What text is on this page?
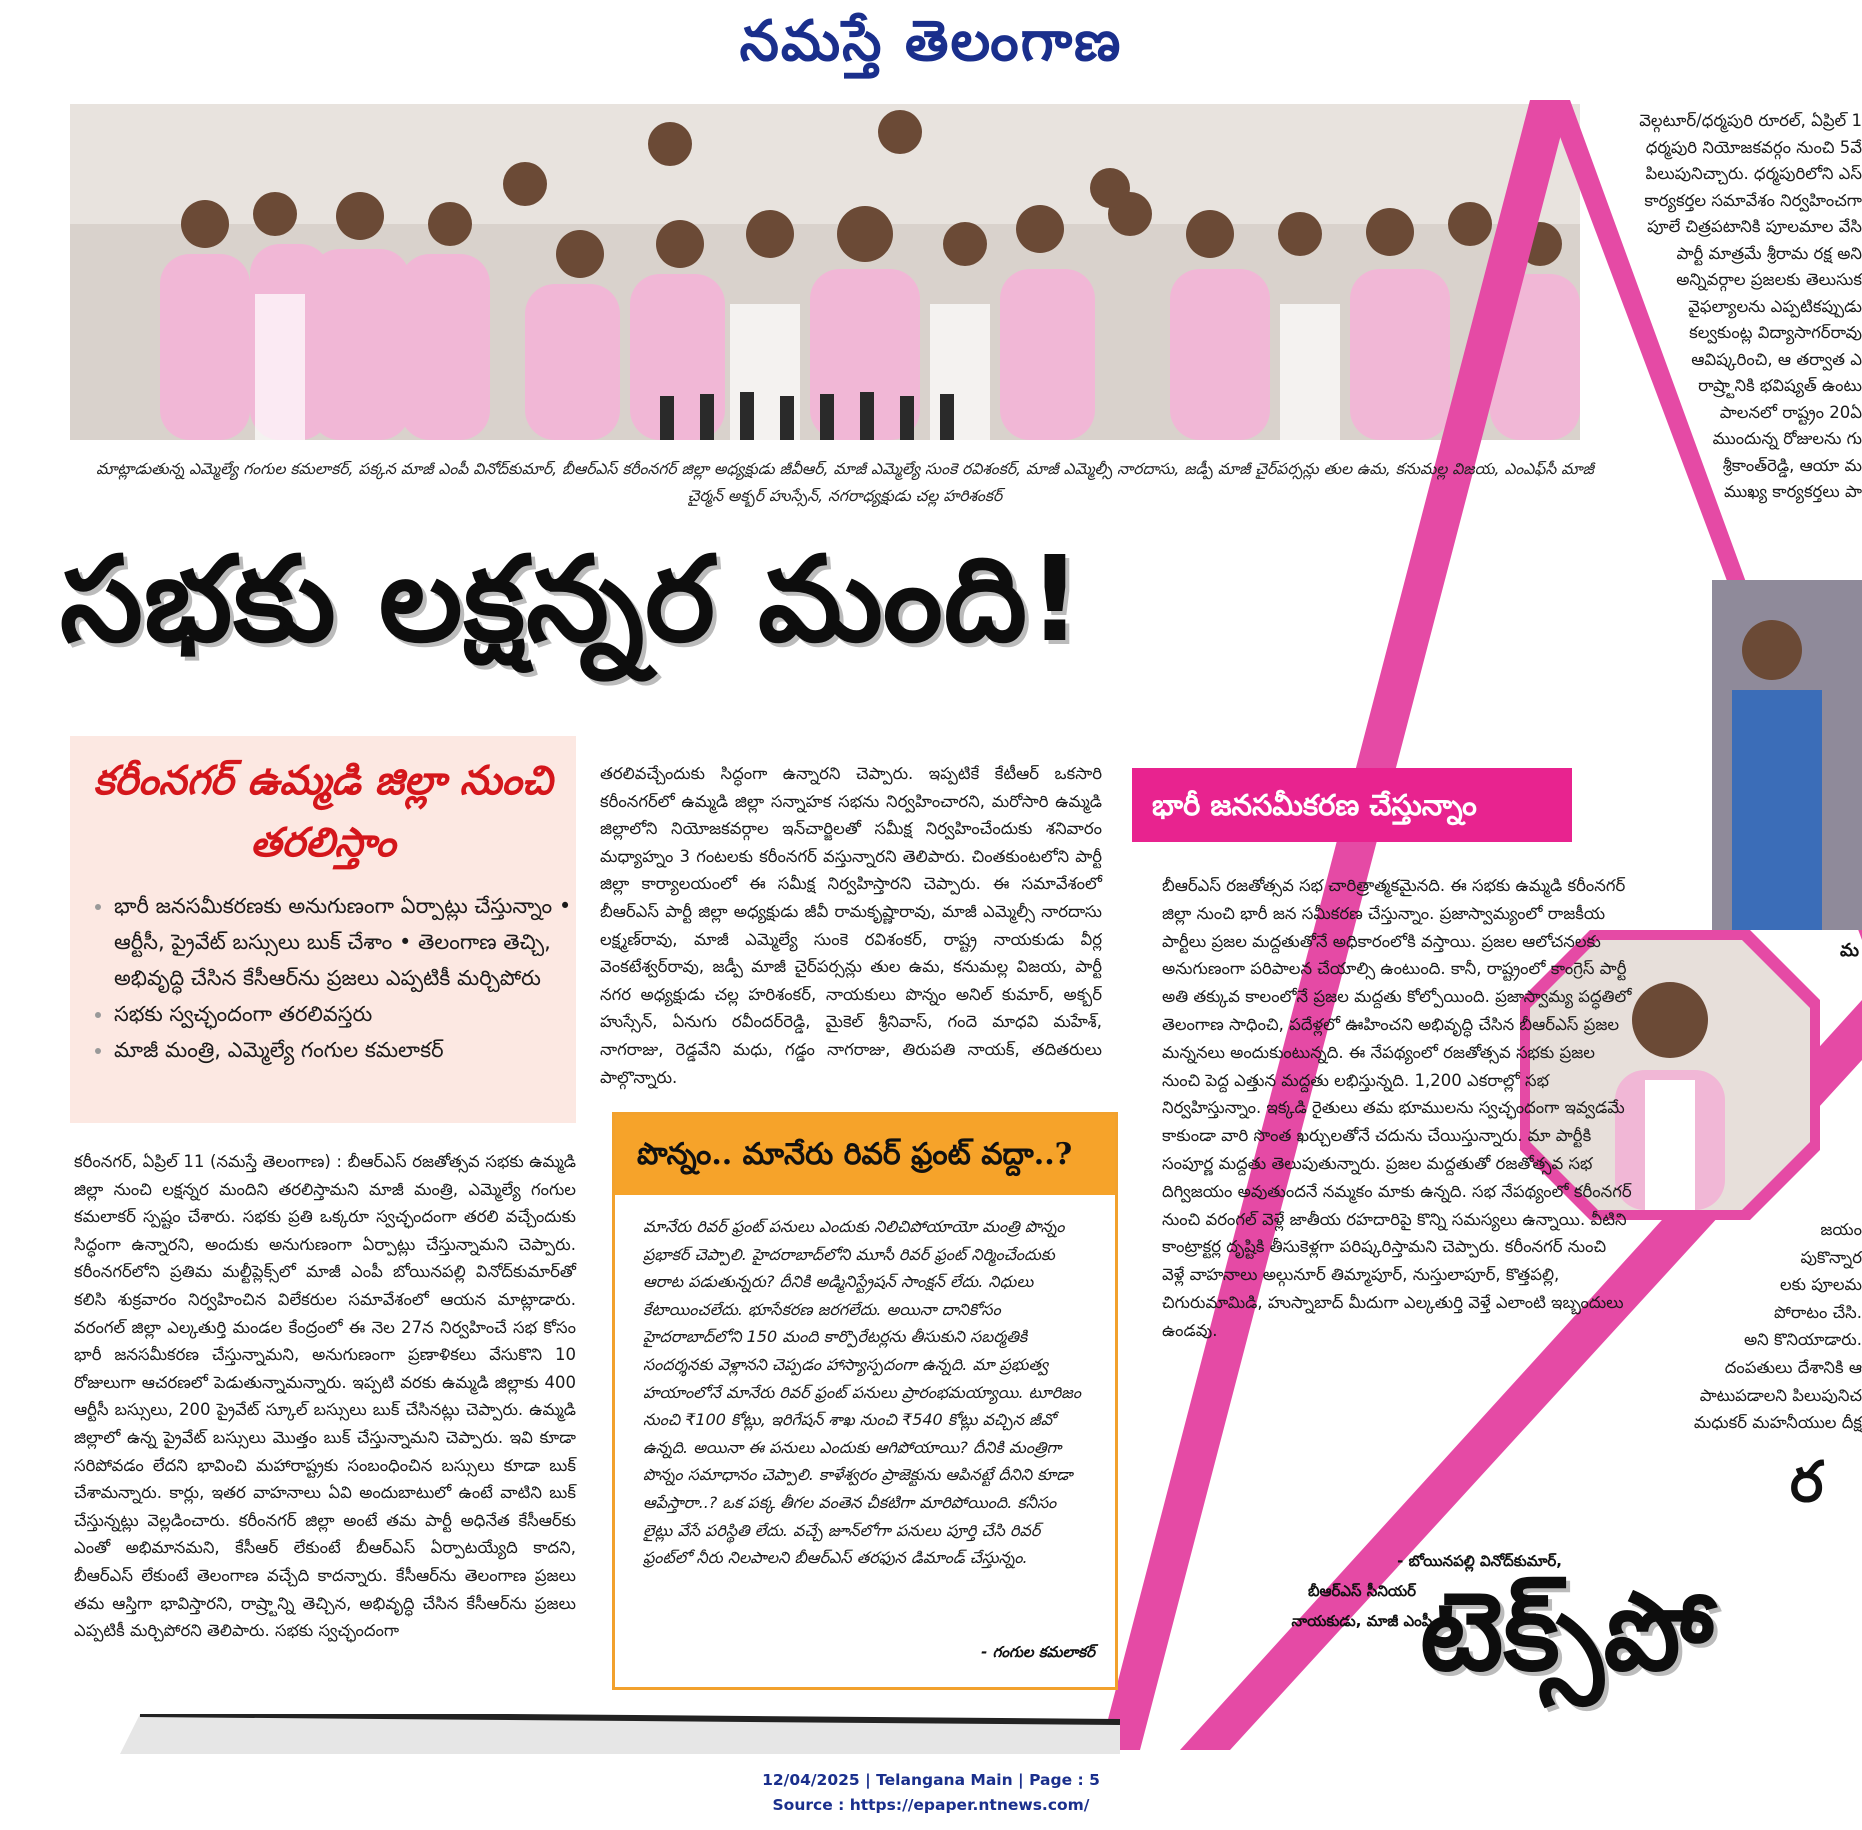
నమస్తే తెలంగాణ
మాట్లాడుతున్న ఎమ్మెల్యే గంగుల కమలాకర్, పక్కన మాజీ ఎంపీ వినోద్‌కుమార్, బీఆర్‌ఎస్ కరీంనగర్ జిల్లా అధ్యక్షుడు జీవీఆర్, మాజీ ఎమ్మెల్యే సుంకె రవిశంకర్, మాజీ ఎమ్మెల్సీ నారదాసు, జడ్పీ మాజీ చైర్‌పర్సన్లు తుల ఉమ, కనుమల్ల విజయ, ఎంఎఫ్‌సీ మాజీ చైర్మన్ అక్బర్ హుస్సేన్, నగరాధ్యక్షుడు చల్ల హరిశంకర్
సభకు లక్షన్నర మంది!
కరీంనగర్ ఉమ్మడి జిల్లా నుంచి తరలిస్తాం
• భారీ జనసమీకరణకు అనుగుణంగా ఏర్పాట్లు చేస్తున్నాం • ఆర్టీసీ, ప్రైవేట్ బస్సులు బుక్ చేశాం • తెలంగాణ తెచ్చి, అభివృద్ధి చేసిన కేసీఆర్‌ను ప్రజలు ఎప్పటికీ మర్చిపోరు
• సభకు స్వచ్ఛందంగా తరలివస్తరు
• మాజీ మంత్రి, ఎమ్మెల్యే గంగుల కమలాకర్
కరీంనగర్, ఏప్రిల్ 11 (నమస్తే తెలంగాణ) : బీఆర్‌ఎస్ రజతోత్సవ సభకు ఉమ్మడి జిల్లా నుంచి లక్షన్నర మందిని తరలిస్తామని మాజీ మంత్రి, ఎమ్మెల్యే గంగుల కమలాకర్ స్పష్టం చేశారు. సభకు ప్రతి ఒక్కరూ స్వచ్ఛందంగా తరలి వచ్చేందుకు సిద్ధంగా ఉన్నారని, అందుకు అనుగుణంగా ఏర్పాట్లు చేస్తున్నామని చెప్పారు. కరీంనగర్‌లోని ప్రతిమ మల్టీప్లెక్స్‌లో మాజీ ఎంపీ బోయినపల్లి వినోద్‌కుమార్‌తో కలిసి శుక్రవారం నిర్వహించిన విలేకరుల సమావేశంలో ఆయన మాట్లాడారు. వరంగల్ జిల్లా ఎల్కతుర్తి మండల కేంద్రంలో ఈ నెల 27న నిర్వహించే సభ కోసం భారీ జనసమీకరణ చేస్తున్నామని, అనుగుణంగా ప్రణాళికలు వేసుకొని 10 రోజులుగా ఆచరణలో పెడుతున్నామన్నారు. ఇప్పటి వరకు ఉమ్మడి జిల్లాకు 400 ఆర్టీసీ బస్సులు, 200 ప్రైవేట్ స్కూల్ బస్సులు బుక్ చేసినట్లు చెప్పారు. ఉమ్మడి జిల్లాలో ఉన్న ప్రైవేట్ బస్సులు మొత్తం బుక్ చేస్తున్నామని చెప్పారు. ఇవి కూడా సరిపోవడం లేదని భావించి మహారాష్ట్రకు సంబంధించిన బస్సులు కూడా బుక్ చేశామన్నారు. కార్లు, ఇతర వాహనాలు ఏవి అందుబాటులో ఉంటే వాటిని బుక్ చేస్తున్నట్లు వెల్లడించారు. కరీంనగర్ జిల్లా అంటే తమ పార్టీ అధినేత కేసీఆర్‌కు ఎంతో అభిమానమని, కేసీఆర్ లేకుంటే బీఆర్‌ఎస్ ఏర్పాటయ్యేది కాదని, బీఆర్‌ఎస్ లేకుంటే తెలంగాణ వచ్చేది కాదన్నారు. కేసీఆర్‌ను తెలంగాణ ప్రజలు తమ ఆస్తిగా భావిస్తారని, రాష్ర్టాన్ని తెచ్చిన, అభివృద్ధి చేసిన కేసీఆర్‌ను ప్రజలు ఎప్పటికీ మర్చిపోరని తెలిపారు. సభకు స్వచ్ఛందంగా
తరలివచ్చేందుకు సిద్ధంగా ఉన్నారని చెప్పారు. ఇప్పటికే కేటీఆర్ ఒకసారి కరీంనగర్‌లో ఉమ్మడి జిల్లా సన్నాహక సభను నిర్వహించారని, మరోసారి ఉమ్మడి జిల్లాలోని నియోజకవర్గాల ఇన్‌చార్జిలతో సమీక్ష నిర్వహించేందుకు శనివారం మధ్యాహ్నం 3 గంటలకు కరీంనగర్ వస్తున్నారని తెలిపారు. చింతకుంటలోని పార్టీ జిల్లా కార్యాలయంలో ఈ సమీక్ష నిర్వహిస్తారని చెప్పారు. ఈ సమావేశంలో బీఆర్‌ఎస్ పార్టీ జిల్లా అధ్యక్షుడు జీవీ రామకృష్ణారావు, మాజీ ఎమ్మెల్సీ నారదాసు లక్ష్మణ్‌రావు, మాజీ ఎమ్మెల్యే సుంకె రవిశంకర్, రాష్ట్ర నాయకుడు వీర్ల వెంకటేశ్వర్‌రావు, జడ్పీ మాజీ చైర్‌పర్సన్లు తుల ఉమ, కనుమల్ల విజయ, పార్టీ నగర అధ్యక్షుడు చల్ల హరిశంకర్, నాయకులు పొన్నం అనిల్ కుమార్, అక్బర్ హుస్సేన్, ఏనుగు రవీందర్‌రెడ్డి, మైకెల్ శ్రీనివాస్, గందె మాధవి మహేశ్, నాగరాజు, రెడ్డవేని మధు, గడ్డం నాగరాజు, తిరుపతి నాయక్, తదితరులు పాల్గొన్నారు.
పొన్నం.. మానేరు రివర్ ఫ్రంట్ వద్దా..?
మానేరు రివర్ ఫ్రంట్ పనులు ఎందుకు నిలిచిపోయాయో మంత్రి పొన్నం ప్రభాకర్ చెప్పాలి. హైదరాబాద్‌లోని మూసీ రివర్ ఫ్రంట్ నిర్మించేందుకు ఆరాట పడుతున్నరు? దీనికి అడ్మినిస్ట్రేషన్ సాంక్షన్ లేదు. నిధులు కేటాయించలేదు. భూసేకరణ జరగలేదు. అయినా దానికోసం హైదరాబాద్‌లోని 150 మంది కార్పొరేటర్లను తీసుకుని సబర్మతికి సందర్శనకు వెళ్లానని చెప్పడం హాస్యాస్పదంగా ఉన్నది. మా ప్రభుత్వ హయాంలోనే మానేరు రివర్ ఫ్రంట్ పనులు ప్రారంభమయ్యాయి. టూరిజం నుంచి ₹100 కోట్లు, ఇరిగేషన్ శాఖ నుంచి ₹540 కోట్లు వచ్చిన జీవో ఉన్నది. అయినా ఈ పనులు ఎందుకు ఆగిపోయాయి? దీనికి మంత్రిగా పొన్నం సమాధానం చెప్పాలి. కాళేశ్వరం ప్రాజెక్టును ఆపినట్టే దీనిని కూడా ఆపేస్తారా..? ఒక పక్క తీగల వంతెన చీకటిగా మారిపోయింది. కనీసం లైట్లు వేసే పరిస్థితి లేదు. వచ్చే జూన్‌లోగా పనులు పూర్తి చేసి రివర్ ఫ్రంట్‌లో నీరు నిలపాలని బీఆర్‌ఎస్ తరఫున డిమాండ్ చేస్తున్నం.
- గంగుల కమలాకర్
భారీ జనసమీకరణ చేస్తున్నాం
బీఆర్‌ఎస్ రజతోత్సవ సభ చారిత్రాత్మకమైనది. ఈ సభకు ఉమ్మడి కరీంనగర్ జిల్లా నుంచి భారీ జన సమీకరణ చేస్తున్నాం. ప్రజాస్వామ్యంలో రాజకీయ పార్టీలు ప్రజల మద్దతుతోనే అధికారంలోకి వస్తాయి. ప్రజల ఆలోచనలకు అనుగుణంగా పరిపాలన చేయాల్సి ఉంటుంది. కానీ, రాష్ట్రంలో కాంగ్రెస్ పార్టీ అతి తక్కువ కాలంలోనే ప్రజల మద్దతు కోల్పోయింది. ప్రజాస్వామ్య పద్ధతిలో తెలంగాణ సాధించి, పదేళ్లలో ఊహించని అభివృద్ధి చేసిన బీఆర్‌ఎస్ ప్రజల మన్ననలు అందుకుంటున్నది. ఈ నేపథ్యంలో రజతోత్సవ సభకు ప్రజల నుంచి పెద్ద ఎత్తున మద్దతు లభిస్తున్నది. 1,200 ఎకరాల్లో సభ నిర్వహిస్తున్నాం. ఇక్కడి రైతులు తమ భూములను స్వచ్ఛందంగా ఇవ్వడమే కాకుండా వారి సొంత ఖర్చులతోనే చదును చేయిస్తున్నారు. మా పార్టీకి సంపూర్ణ మద్దతు తెలుపుతున్నారు. ప్రజల మద్దతుతో రజతోత్సవ సభ దిగ్విజయం అవుతుందనే నమ్మకం మాకు ఉన్నది. సభ నేపథ్యంలో కరీంనగర్ నుంచి వరంగల్ వెళ్లే జాతీయ రహదారిపై కొన్ని సమస్యలు ఉన్నాయి. వీటిని కాంట్రాక్టర్ల దృష్టికి తీసుకెళ్లగా పరిష్కరిస్తామని చెప్పారు. కరీంనగర్ నుంచి వెళ్లే వాహనాలు అల్గునూర్ తిమ్మాపూర్, నుస్తులాపూర్, కొత్తపల్లి, చిగురుమామిడి, హుస్నాబాద్ మీదుగా ఎల్కతుర్తి వెళ్తే ఎలాంటి ఇబ్బందులు ఉండవు.
- బోయినపల్లి వినోద్‌కుమార్,
బీఆర్‌ఎస్ సీనియర్
నాయకుడు, మాజీ ఎంపీ
వెల్గటూర్/ధర్మపురి రూరల్, ఏప్రిల్ 1
ధర్మపురి నియోజకవర్గం నుంచి 5వే
పిలుపునిచ్చారు. ధర్మపురిలోని ఎస్
కార్యకర్తల సమావేశం నిర్వహించగా
పూలే చిత్రపటానికి పూలమాల వేసి
పార్టీ మాత్రమే శ్రీరామ రక్ష అని
అన్నివర్గాల ప్రజలకు తెలుసుక
వైఫల్యాలను ఎప్పటికప్పుడు
కల్వకుంట్ల విద్యాసాగర్‌రావు
ఆవిష్కరించి, ఆ తర్వాత ఎ
రాష్ర్టానికి భవిష్యత్ ఉంటు
పాలనలో రాష్ట్రం 20ఏ
ముందున్న రోజులను గు
శ్రీకాంత్‌రెడ్డి, ఆయా మ
ముఖ్య కార్యకర్తలు పా
మ
జయం
పుకొన్నార
లకు పూలమ
పోరాటం చేసి.
అని కొనియాడారు.
దంపతులు దేశానికి ఆ
పాటుపడాలని పిలుపునిచ
మధుకర్ మహనీయుల దీక్ష
ర
టెక్స్‌పో
12/04/2025 | Telangana Main | Page : 5
Source : https://epaper.ntnews.com/
